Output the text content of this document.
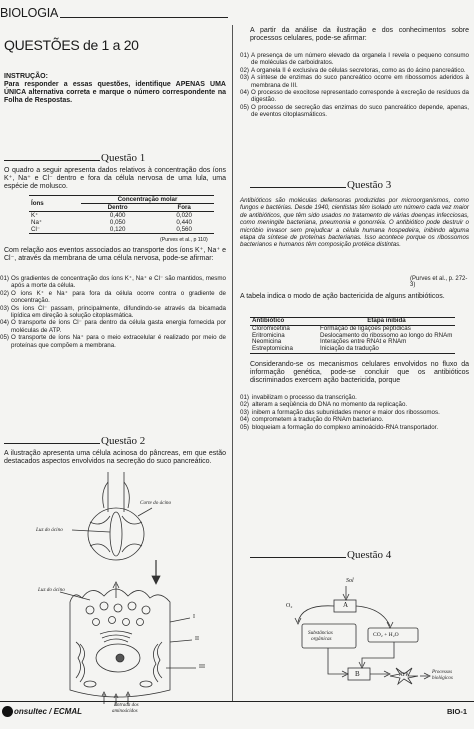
BIOLOGIA
QUESTÕES de 1 a 20
INSTRUÇÃO:
Para responder a essas questões, identifique APENAS UMA ÚNICA alternativa correta e marque o número correspondente na Folha de Respostas.
Questão 1
O quadro a seguir apresenta dados relativos à concentração dos íons K⁺, Na⁺ e Cl⁻ dentro e fora da célula nervosa de uma lula, uma espécie de molusco.
Íons	Concentração molar	
	Dentro	Fora
K⁺	0,400	0,020
Na⁺	0,050	0,440
Cl⁻	0,120	0,560
(Purves et al., p 110)
Com relação aos eventos associados ao transporte dos íons K⁺, Na⁺ e Cl⁻, através da membrana de uma célula nervosa, pode-se afirmar:
01) Os gradientes de concentração dos íons K⁺, Na⁺ e Cl⁻ são mantidos, mesmo após a morte da célula.
02) O íons K⁺ e Na⁺ para fora da célula ocorre contra o gradiente de concentração.
03) Os íons Cl⁻ passam, principalmente, difundindo-se através da bicamada lipídica em direção à solução citoplasmática.
04) O transporte de íons Cl⁻ para dentro da célula gasta energia fornecida por moléculas de ATP.
05) O transporte de íons Na⁺ para o meio extracelular é realizado por meio de proteínas que compõem a membrana.
Questão 2
A ilustração apresenta uma célula acinosa do pâncreas, em que estão destacados aspectos envolvidos na secreção do suco pancreático.
Corte do ácino
Luz do ácino
Luz do ácino
I
II
III
Entrada dos
aminoácidos
A partir da análise da ilustração e dos conhecimentos sobre processos celulares, pode-se afirmar:
01) A presença de um número elevado da organela I revela o pequeno consumo de moléculas de carboidratos.
02) A organela II é exclusiva de células secretoras, como as do ácino pancreático.
03) A síntese de enzimas do suco pancreático ocorre em ribossomos aderidos à membrana de III.
04) O processo de exocitose representado corresponde à excreção de resíduos da digestão.
05) O processo de secreção das enzimas do suco pancreático depende, apenas, de eventos citoplasmáticos.
Questão 3
Antibióticos são moléculas defensoras produzidas por microorganismos, como fungos e bactérias. Desde 1940, cientistas têm isolado um número cada vez maior de antibióticos, que têm sido usados no tratamento de várias doenças infecciosas, como meningite bacteriana, pneumonia e gonorréia. O antibiótico pode destruir o micróbio invasor sem prejudicar a célula humana hospedeira, inibindo alguma etapa da síntese de proteínas bacterianas. Isso acontece porque os ribossomos bacterianos e humanos têm composição protéica distintas.
(Purves et al., p. 272-3)
A tabela indica o modo de ação bactericida de alguns antibióticos.
Antibiótico	Etapa inibida
Cloromicetina	Formação de ligações peptídicas
Eritromicina	Deslocamento do ribossomo ao longo do RNAm
Neomicina	Interações entre RNAt e RNAm
Estreptomicina	Iniciação da tradução
Considerando-se os mecanismos celulares envolvidos no fluxo da informação genética, pode-se concluir que os antibióticos discriminados exercem ação bactericida, porque
01) invabilizam o processo da transcrição.
02) alteram a seqüência do DNA no momento da replicação.
03) inibem a formação das subunidades menor e maior dos ribossomos.
04) comprometem a tradução do RNAm bacteriano.
05) bloqueiam a formação do complexo aminoácido-RNA transportador.
Questão 4
Sol
A
O₂
Substâncias
orgânicas
CO₂ + H₂O
B	ATP	Processos
biológicos
onsultec / ECMAL	BIO-1
